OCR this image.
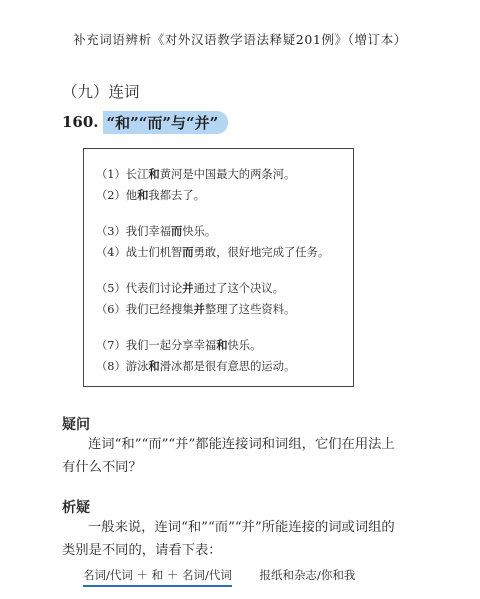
补充词语辨析《对外汉语教学语法释疑201例》（增订本）
（九）连词
160. “和”“而”与“并”
（1）长江和黄河是中国最大的两条河。
（2）他和我都去了。
（3）我们幸福而快乐。
（4）战士们机智而勇敢，很好地完成了任务。
（5）代表们讨论并通过了这个决议。
（6）我们已经搜集并整理了这些资料。
（7）我们一起分享幸福和快乐。
（8）游泳和滑冰都是很有意思的运动。
疑问
连词“和”“而”“并”都能连接词和词组，它们在用法上有什么不同？
析疑
一般来说，连词“和”“而”“并”所能连接的词或词组的类别是不同的，请看下表：
名词/代词 ＋ 和 ＋ 名词/代词 报纸和杂志/你和我
